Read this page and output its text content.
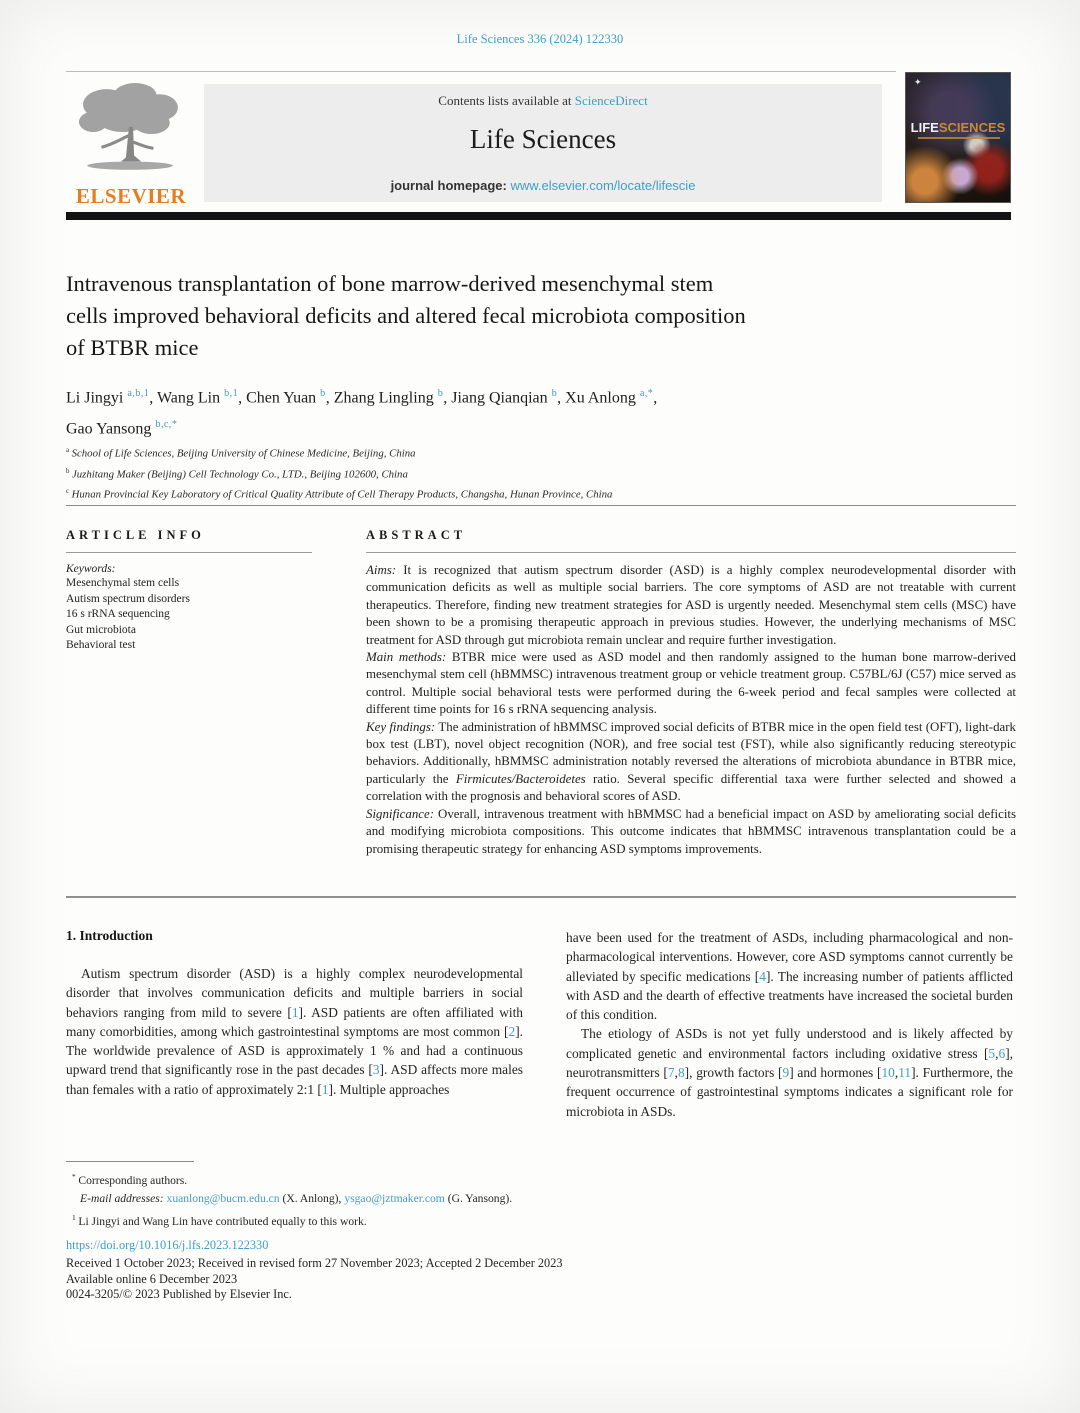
Life Sciences 336 (2024) 122330
ELSEVIER
Contents lists available at ScienceDirect
Life Sciences
journal homepage: www.elsevier.com/locate/lifescie
✦
LIFESCIENCES
Intravenous transplantation of bone marrow-derived mesenchymal stem
cells improved behavioral deficits and altered fecal microbiota composition
of BTBR mice
Li Jingyi $^{a,b,1}$, Wang Lin $^{b,1}$, Chen Yuan $^b$, Zhang Lingling $^b$, Jiang Qianqian $^b$, Xu Anlong $^{a,*}$,
Gao Yansong $^{b,c,*}$
$^a$ School of Life Sciences, Beijing University of Chinese Medicine, Beijing, China
$^b$ Juzhitang Maker (Beijing) Cell Technology Co., LTD., Beijing 102600, China
$^c$ Hunan Provincial Key Laboratory of Critical Quality Attribute of Cell Therapy Products, Changsha, Hunan Province, China
ARTICLE INFO
Keywords:
Mesenchymal stem cells
Autism spectrum disorders
16 s rRNA sequencing
Gut microbiota
Behavioral test
ABSTRACT

Aims: It is recognized that autism spectrum disorder (ASD) is a highly complex neurodevelopmental disorder with communication deficits as well as multiple social barriers. The core symptoms of ASD are not treatable with current therapeutics. Therefore, finding new treatment strategies for ASD is urgently needed. Mesenchymal stem cells (MSC) have been shown to be a promising therapeutic approach in previous studies. However, the underlying mechanisms of MSC treatment for ASD through gut microbiota remain unclear and require further investigation.

Main methods: BTBR mice were used as ASD model and then randomly assigned to the human bone marrow-derived mesenchymal stem cell (hBMMSC) intravenous treatment group or vehicle treatment group. C57BL/6J (C57) mice served as control. Multiple social behavioral tests were performed during the 6-week period and fecal samples were collected at different time points for 16 s rRNA sequencing analysis.

Key findings: The administration of hBMMSC improved social deficits of BTBR mice in the open field test (OFT), light-dark box test (LBT), novel object recognition (NOR), and free social test (FST), while also significantly reducing stereotypic behaviors. Additionally, hBMMSC administration notably reversed the alterations of microbiota abundance in BTBR mice, particularly the Firmicutes/Bacteroidetes ratio. Several specific differential taxa were further selected and showed a correlation with the prognosis and behavioral scores of ASD.

Significance: Overall, intravenous treatment with hBMMSC had a beneficial impact on ASD by ameliorating social deficits and modifying microbiota compositions. This outcome indicates that hBMMSC intravenous transplantation could be a promising therapeutic strategy for enhancing ASD symptoms improvements.

1. Introduction

Autism spectrum disorder (ASD) is a highly complex neurodevelopmental disorder that involves communication deficits and multiple barriers in social behaviors ranging from mild to severe [1]. ASD patients are often affiliated with many comorbidities, among which gastrointestinal symptoms are most common [2]. The worldwide prevalence of ASD is approximately 1 % and had a continuous upward trend that significantly rose in the past decades [3]. ASD affects more males than females with a ratio of approximately 2:1 [1]. Multiple approaches

have been used for the treatment of ASDs, including pharmacological and non-pharmacological interventions. However, core ASD symptoms cannot currently be alleviated by specific medications [4]. The increasing number of patients afflicted with ASD and the dearth of effective treatments have increased the societal burden of this condition.

The etiology of ASDs is not yet fully understood and is likely affected by complicated genetic and environmental factors including oxidative stress [5,6], neurotransmitters [7,8], growth factors [9] and hormones [10,11]. Furthermore, the frequent occurrence of gastrointestinal symptoms indicates a significant role for microbiota in ASDs.

* Corresponding authors.
E-mail addresses: xuanlong@bucm.edu.cn (X. Anlong), ysgao@jztmaker.com (G. Yansong).
$^1$ Li Jingyi and Wang Lin have contributed equally to this work.
https://doi.org/10.1016/j.lfs.2023.122330
Received 1 October 2023; Received in revised form 27 November 2023; Accepted 2 December 2023
Available online 6 December 2023
0024-3205/© 2023 Published by Elsevier Inc.
